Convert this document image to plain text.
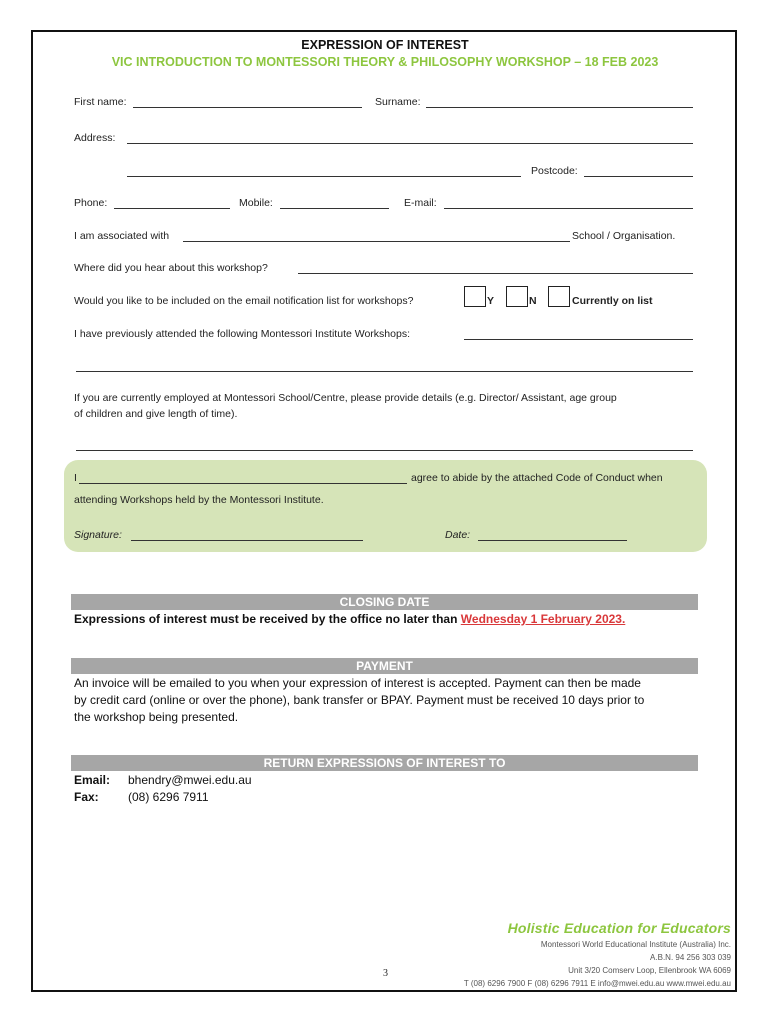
EXPRESSION OF INTEREST
VIC INTRODUCTION TO MONTESSORI THEORY & PHILOSOPHY WORKSHOP – 18 FEB 2023
First name:	Surname:
Address:
Postcode:
Phone:	Mobile:	E-mail:
I am associated with	School / Organisation.
Where did you hear about this workshop?
Would you like to be included on the email notification list for workshops?	Y	N	Currently on list
I have previously attended the following Montessori Institute Workshops:
If you are currently employed at Montessori School/Centre, please provide details (e.g. Director/ Assistant, age group
of children and give length of time).
I	agree to abide by the attached Code of Conduct when
attending Workshops held by the Montessori Institute.
Signature:	Date:
CLOSING DATE
Expressions of interest must be received by the office no later than Wednesday 1 February 2023.
PAYMENT
An invoice will be emailed to you when your expression of interest is accepted. Payment can then be made
by credit card (online or over the phone), bank transfer or BPAY. Payment must be received 10 days prior to
the workshop being presented.
RETURN EXPRESSIONS OF INTEREST TO
Email: bhendry@mwei.edu.au
Fax: (08) 6296 7911
Holistic Education for Educators
Montessori World Educational Institute (Australia) Inc.
A.B.N. 94 256 303 039
Unit 3/20 Comserv Loop, Ellenbrook WA 6069
T (08) 6296 7900 F (08) 6296 7911 E info@mwei.edu.au www.mwei.edu.au
3
